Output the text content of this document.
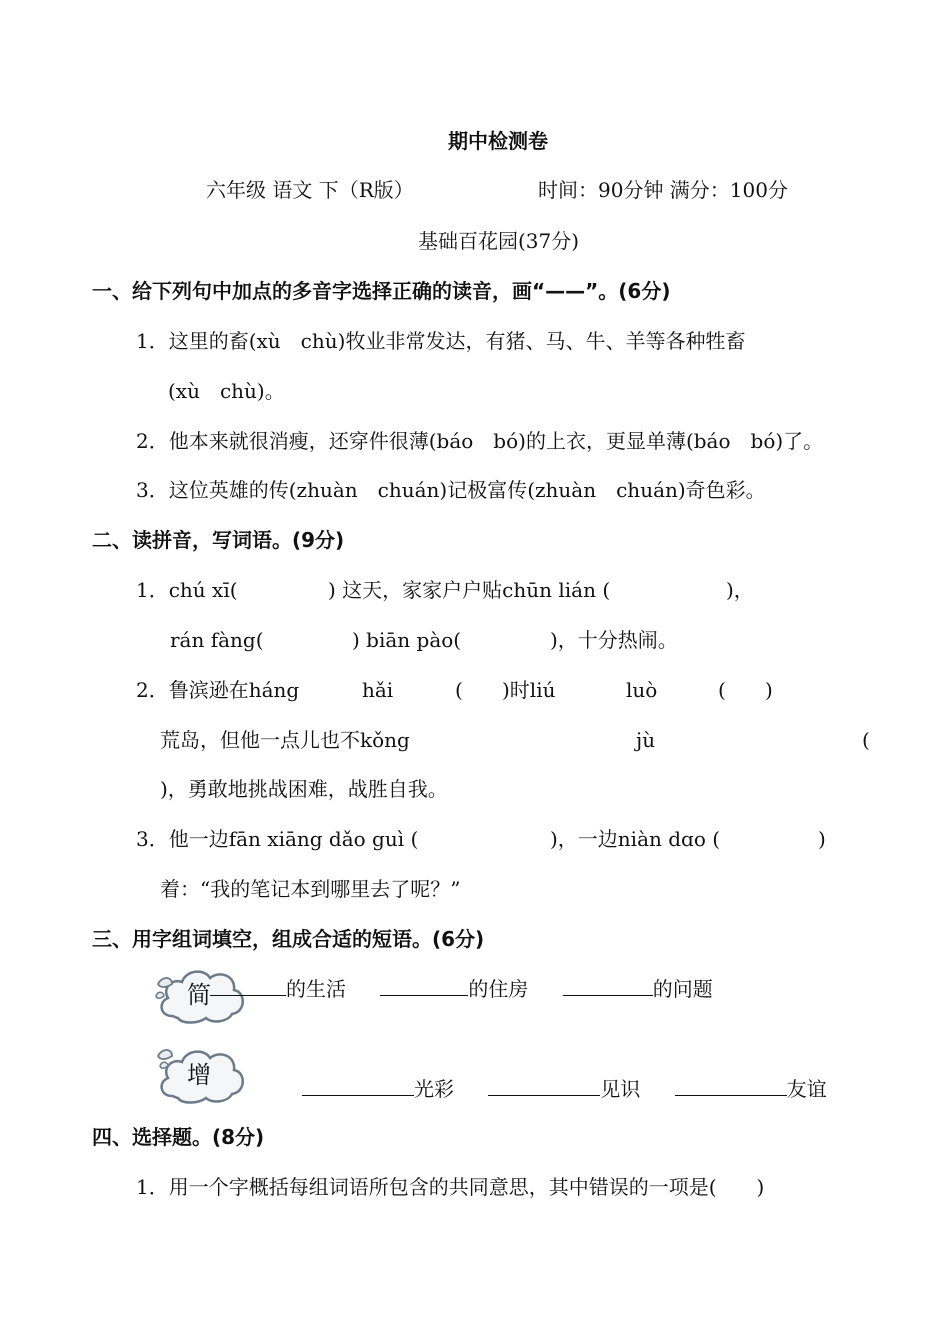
期中检测卷
六年级 语文 下（R版）	时间：90分钟 满分：100分
基础百花园(37分)
一、给下列句中加点的多音字选择正确的读音，画“——”。(6分)
1．这里的畜(xù　chù)牧业非常发达，有猪、马、牛、羊等各种牲畜
(xù　chù)。
2．他本来就很消瘦，还穿件很薄(báo　bó)的上衣，更显单薄(báo　bó)了。
3．这位英雄的传(zhuàn　chuán)记极富传(zhuàn　chuán)奇色彩。
二、读拼音，写词语。(9分)
1．chú xī(	) 这天，家家户户贴chūn lián (	)，
rán fàng(	) biān pào(	)，十分热闹。
2．鲁滨逊在háng	hǎi	( )时liú	luò	( )
荒岛，但他一点儿也不kǒng	jù	(
)，勇敢地挑战困难，战胜自我。
3．他一边fān xiāng dǎo guì (	)，一边niàn dɑo (	)
着：“我的笔记本到哪里去了呢？”
三、用字组词填空，组成合适的短语。(6分)
简	的生活	的住房	的问题
增	光彩	见识	友谊
四、选择题。(8分)
1．用一个字概括每组词语所包含的共同意思，其中错误的一项是(　　)
